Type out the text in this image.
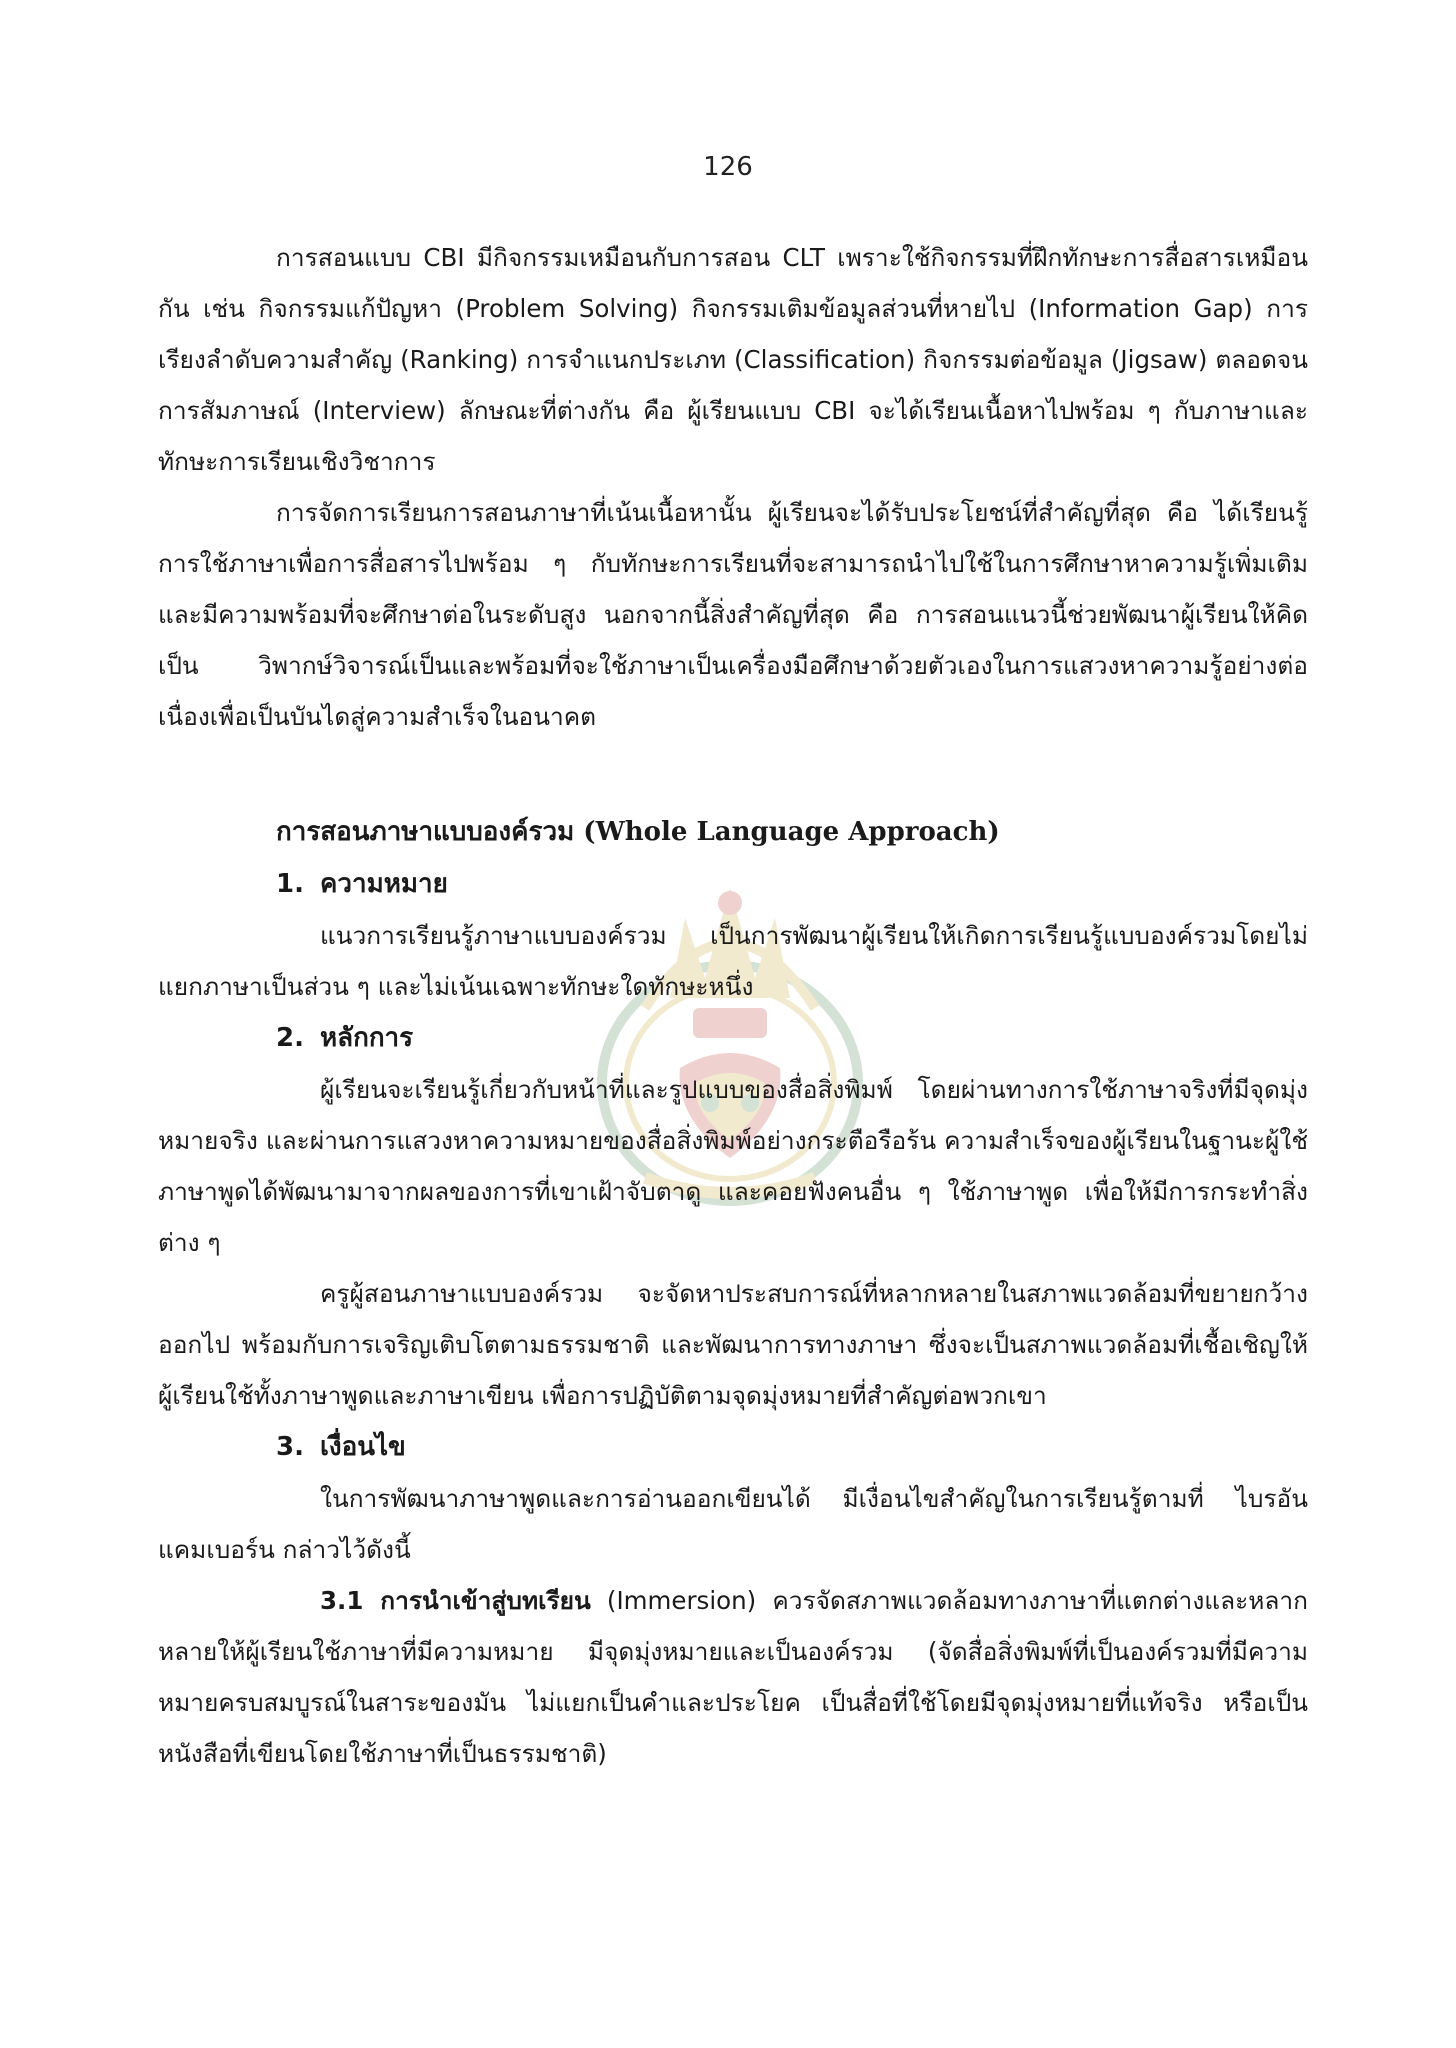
126

การสอนแบบ CBI มีกิจกรรมเหมือนกับการสอน CLT เพราะใช้กิจกรรมที่ฝึกทักษะการสื่อสารเหมือนกัน เช่น กิจกรรมแก้ปัญหา (Problem Solving) กิจกรรมเติมข้อมูลส่วนที่หายไป (Information Gap) การเรียงลำดับความสำคัญ (Ranking) การจำแนกประเภท (Classification) กิจกรรมต่อข้อมูล (Jigsaw) ตลอดจนการสัมภาษณ์ (Interview) ลักษณะที่ต่างกัน คือ ผู้เรียนแบบ CBI จะได้เรียนเนื้อหาไปพร้อม ๆ กับภาษาและทักษะการเรียนเชิงวิชาการ

การจัดการเรียนการสอนภาษาที่เน้นเนื้อหานั้น ผู้เรียนจะได้รับประโยชน์ที่สำคัญที่สุด คือ ได้เรียนรู้การใช้ภาษาเพื่อการสื่อสารไปพร้อม ๆ กับทักษะการเรียนที่จะสามารถนำไปใช้ในการศึกษาหาความรู้เพิ่มเติม และมีความพร้อมที่จะศึกษาต่อในระดับสูง นอกจากนี้สิ่งสำคัญที่สุด คือ การสอนแนวนี้ช่วยพัฒนาผู้เรียนให้คิดเป็น วิพากษ์วิจารณ์เป็นและพร้อมที่จะใช้ภาษาเป็นเครื่องมือศึกษาด้วยตัวเองในการแสวงหาความรู้อย่างต่อเนื่องเพื่อเป็นบันไดสู่ความสำเร็จในอนาคต

การสอนภาษาแบบองค์รวม (Whole Language Approach)
1. ความหมาย

แนวการเรียนรู้ภาษาแบบองค์รวม เป็นการพัฒนาผู้เรียนให้เกิดการเรียนรู้แบบองค์รวมโดยไม่แยกภาษาเป็นส่วน ๆ และไม่เน้นเฉพาะทักษะใดทักษะหนึ่ง

2. หลักการ

ผู้เรียนจะเรียนรู้เกี่ยวกับหน้าที่และรูปแบบของสื่อสิ่งพิมพ์ โดยผ่านทางการใช้ภาษาจริงที่มีจุดมุ่งหมายจริง และผ่านการแสวงหาความหมายของสื่อสิ่งพิมพ์อย่างกระตือรือร้น ความสำเร็จของผู้เรียนในฐานะผู้ใช้ภาษาพูดได้พัฒนามาจากผลของการที่เขาเฝ้าจับตาดู และคอยฟังคนอื่น ๆ ใช้ภาษาพูด เพื่อให้มีการกระทำสิ่งต่าง ๆ

ครูผู้สอนภาษาแบบองค์รวม จะจัดหาประสบการณ์ที่หลากหลายในสภาพแวดล้อมที่ขยายกว้างออกไป พร้อมกับการเจริญเติบโตตามธรรมชาติ และพัฒนาการทางภาษา ซึ่งจะเป็นสภาพแวดล้อมที่เชื้อเชิญให้ผู้เรียนใช้ทั้งภาษาพูดและภาษาเขียน เพื่อการปฏิบัติตามจุดมุ่งหมายที่สำคัญต่อพวกเขา

3. เงื่อนไข

ในการพัฒนาภาษาพูดและการอ่านออกเขียนได้ มีเงื่อนไขสำคัญในการเรียนรู้ตามที่ ไบรอัน แคมเบอร์น กล่าวไว้ดังนี้

3.1 การนำเข้าสู่บทเรียน (Immersion) ควรจัดสภาพแวดล้อมทางภาษาที่แตกต่างและหลากหลายให้ผู้เรียนใช้ภาษาที่มีความหมาย มีจุดมุ่งหมายและเป็นองค์รวม (จัดสื่อสิ่งพิมพ์ที่เป็นองค์รวมที่มีความหมายครบสมบูรณ์ในสาระของมัน ไม่แยกเป็นคำและประโยค เป็นสื่อที่ใช้โดยมีจุดมุ่งหมายที่แท้จริง หรือเป็นหนังสือที่เขียนโดยใช้ภาษาที่เป็นธรรมชาติ)
